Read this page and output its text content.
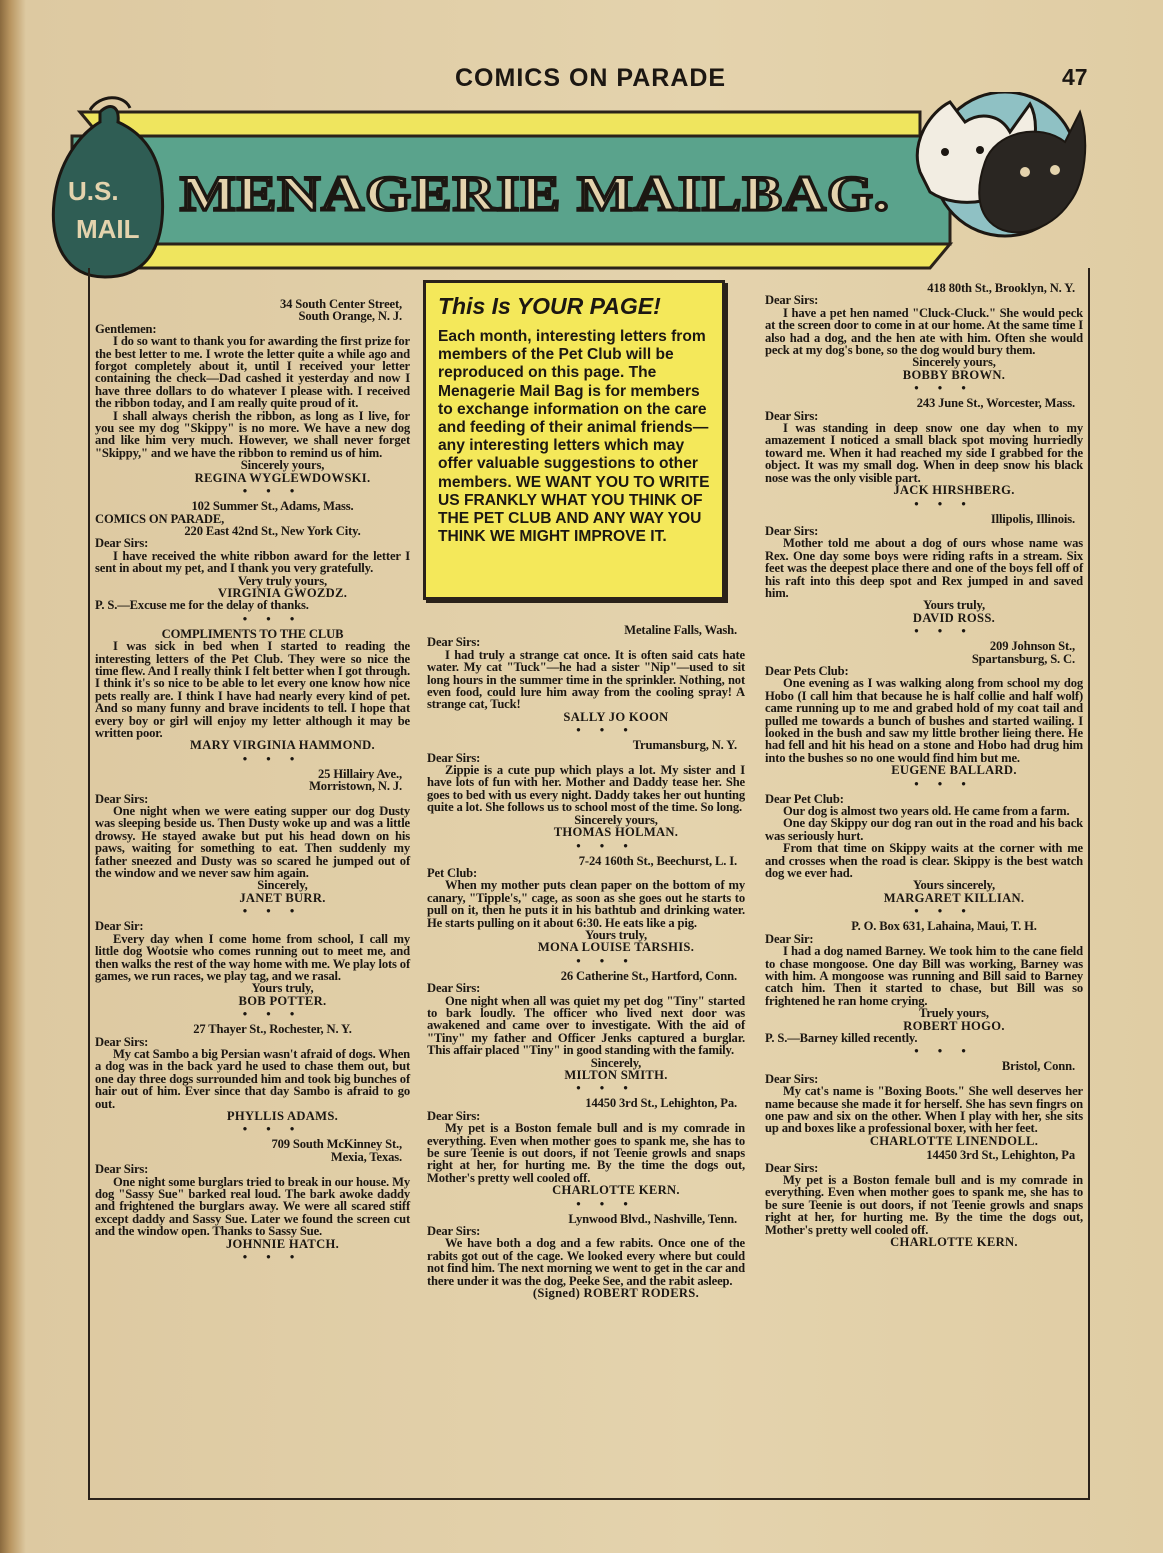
COMICS ON PARADE	47
U.S.
MAIL
MENAGERIE MAILBAG.
This Is YOUR PAGE!
Each month, interesting letters from members of the Pet Club will be reproduced on this page. The Menagerie Mail Bag is for members to exchange information on the care and feeding of their animal friends—any interesting letters which may offer valuable suggestions to other members. WE WANT YOU TO WRITE US FRANKLY WHAT YOU THINK OF THE PET CLUB AND ANY WAY YOU THINK WE MIGHT IMPROVE IT.
34 South Center Street,
South Orange, N. J.
Gentlemen:
I do so want to thank you for awarding the first prize for the best letter to me. I wrote the letter quite a while ago and forgot completely about it, until I received your letter containing the check—Dad cashed it yesterday and now I have three dollars to do whatever I please with. I received the ribbon today, and I am really quite proud of it.
I shall always cherish the ribbon, as long as I live, for you see my dog "Skippy" is no more. We have a new dog and like him very much. However, we shall never forget "Skippy," and we have the ribbon to remind us of him.
Sincerely yours,
REGINA WYGLEWDOWSKI.
• • •
102 Summer St., Adams, Mass.
COMICS ON PARADE,
220 East 42nd St., New York City.
Dear Sirs:
I have received the white ribbon award for the letter I sent in about my pet, and I thank you very gratefully.
Very truly yours,
VIRGINIA GWOZDZ.
P. S.—Excuse me for the delay of thanks.
• • •
COMPLIMENTS TO THE CLUB
I was sick in bed when I started to reading the interesting letters of the Pet Club. They were so nice the time flew. And I really think I felt better when I got through. I think it's so nice to be able to let every one know how nice pets really are. I think I have had nearly every kind of pet. And so many funny and brave incidents to tell. I hope that every boy or girl will enjoy my letter although it may be written poor.
MARY VIRGINIA HAMMOND.
• • •
25 Hillairy Ave.,
Morristown, N. J.
Dear Sirs:
One night when we were eating supper our dog Dusty was sleeping beside us. Then Dusty woke up and was a little drowsy. He stayed awake but put his head down on his paws, waiting for something to eat. Then suddenly my father sneezed and Dusty was so scared he jumped out of the window and we never saw him again.
Sincerely,
JANET BURR.
• • •
Dear Sir:
Every day when I come home from school, I call my little dog Wootsie who comes running out to meet me, and then walks the rest of the way home with me. We play lots of games, we run races, we play tag, and we rasal.
Yours truly,
BOB POTTER.
• • •
27 Thayer St., Rochester, N. Y.
Dear Sirs:
My cat Sambo a big Persian wasn't afraid of dogs. When a dog was in the back yard he used to chase them out, but one day three dogs surrounded him and took big bunches of hair out of him. Ever since that day Sambo is afraid to go out.
PHYLLIS ADAMS.
• • •
709 South McKinney St.,
Mexia, Texas.
Dear Sirs:
One night some burglars tried to break in our house. My dog "Sassy Sue" barked real loud. The bark awoke daddy and frightened the burglars away. We were all scared stiff except daddy and Sassy Sue. Later we found the screen cut and the window open. Thanks to Sassy Sue.
JOHNNIE HATCH.
• • •
Metaline Falls, Wash.
Dear Sirs:
I had truly a strange cat once. It is often said cats hate water. My cat "Tuck"—he had a sister "Nip"—used to sit long hours in the summer time in the sprinkler. Nothing, not even food, could lure him away from the cooling spray! A strange cat, Tuck!
SALLY JO KOON
• • •
Trumansburg, N. Y.
Dear Sirs:
Zippie is a cute pup which plays a lot. My sister and I have lots of fun with her. Mother and Daddy tease her. She goes to bed with us every night. Daddy takes her out hunting quite a lot. She follows us to school most of the time. So long.
Sincerely yours,
THOMAS HOLMAN.
• • •
7-24 160th St., Beechurst, L. I.
Pet Club:
When my mother puts clean paper on the bottom of my canary, "Tipple's," cage, as soon as she goes out he starts to pull on it, then he puts it in his bathtub and drinking water. He starts pulling on it about 6:30. He eats like a pig.
Yours truly,
MONA LOUISE TARSHIS.
• • •
26 Catherine St., Hartford, Conn.
Dear Sirs:
One night when all was quiet my pet dog "Tiny" started to bark loudly. The officer who lived next door was awakened and came over to investigate. With the aid of "Tiny" my father and Officer Jenks captured a burglar. This affair placed "Tiny" in good standing with the family.
Sincerely,
MILTON SMITH.
• • •
14450 3rd St., Lehighton, Pa.
Dear Sirs:
My pet is a Boston female bull and is my comrade in everything. Even when mother goes to spank me, she has to be sure Teenie is out doors, if not Teenie growls and snaps right at her, for hurting me. By the time the dogs out, Mother's pretty well cooled off.
CHARLOTTE KERN.
• • •
Lynwood Blvd., Nashville, Tenn.
Dear Sirs:
We have both a dog and a few rabits. Once one of the rabits got out of the cage. We looked every where but could not find him. The next morning we went to get in the car and there under it was the dog, Peeke See, and the rabit asleep.
(Signed) ROBERT RODERS.
418 80th St., Brooklyn, N. Y.
Dear Sirs:
I have a pet hen named "Cluck-Cluck." She would peck at the screen door to come in at our home. At the same time I also had a dog, and the hen ate with him. Often she would peck at my dog's bone, so the dog would bury them.
Sincerely yours,
BOBBY BROWN.
• • •
243 June St., Worcester, Mass.
Dear Sirs:
I was standing in deep snow one day when to my amazement I noticed a small black spot moving hurriedly toward me. When it had reached my side I grabbed for the object. It was my small dog. When in deep snow his black nose was the only visible part.
JACK HIRSHBERG.
• • •
Illipolis, Illinois.
Dear Sirs:
Mother told me about a dog of ours whose name was Rex. One day some boys were riding rafts in a stream. Six feet was the deepest place there and one of the boys fell off of his raft into this deep spot and Rex jumped in and saved him.
Yours truly,
DAVID ROSS.
• • •
209 Johnson St.,
Spartansburg, S. C.
Dear Pets Club:
One evening as I was walking along from school my dog Hobo (I call him that because he is half collie and half wolf) came running up to me and grabed hold of my coat tail and pulled me towards a bunch of bushes and started wailing. I looked in the bush and saw my little brother lieing there. He had fell and hit his head on a stone and Hobo had drug him into the bushes so no one would find him but me.
EUGENE BALLARD.
• • •
Dear Pet Club:
Our dog is almost two years old. He came from a farm.
One day Skippy our dog ran out in the road and his back was seriously hurt.
From that time on Skippy waits at the corner with me and crosses when the road is clear. Skippy is the best watch dog we ever had.
Yours sincerely,
MARGARET KILLIAN.
• • •
P. O. Box 631, Lahaina, Maui, T. H.
Dear Sir:
I had a dog named Barney. We took him to the cane field to chase mongoose. One day Bill was working, Barney was with him. A mongoose was running and Bill said to Barney catch him. Then it started to chase, but Bill was so frightened he ran home crying.
Truely yours,
ROBERT HOGO.
P. S.—Barney killed recently.
• • •
Bristol, Conn.
Dear Sirs:
My cat's name is "Boxing Boots." She well deserves her name because she made it for herself. She has sevn fingrs on one paw and six on the other. When I play with her, she sits up and boxes like a professional boxer, with her feet.
CHARLOTTE LINENDOLL.
14450 3rd St., Lehighton, Pa
Dear Sirs:
My pet is a Boston female bull and is my comrade in everything. Even when mother goes to spank me, she has to be sure Teenie is out doors, if not Teenie growls and snaps right at her, for hurting me. By the time the dogs out, Mother's pretty well cooled off.
CHARLOTTE KERN.
